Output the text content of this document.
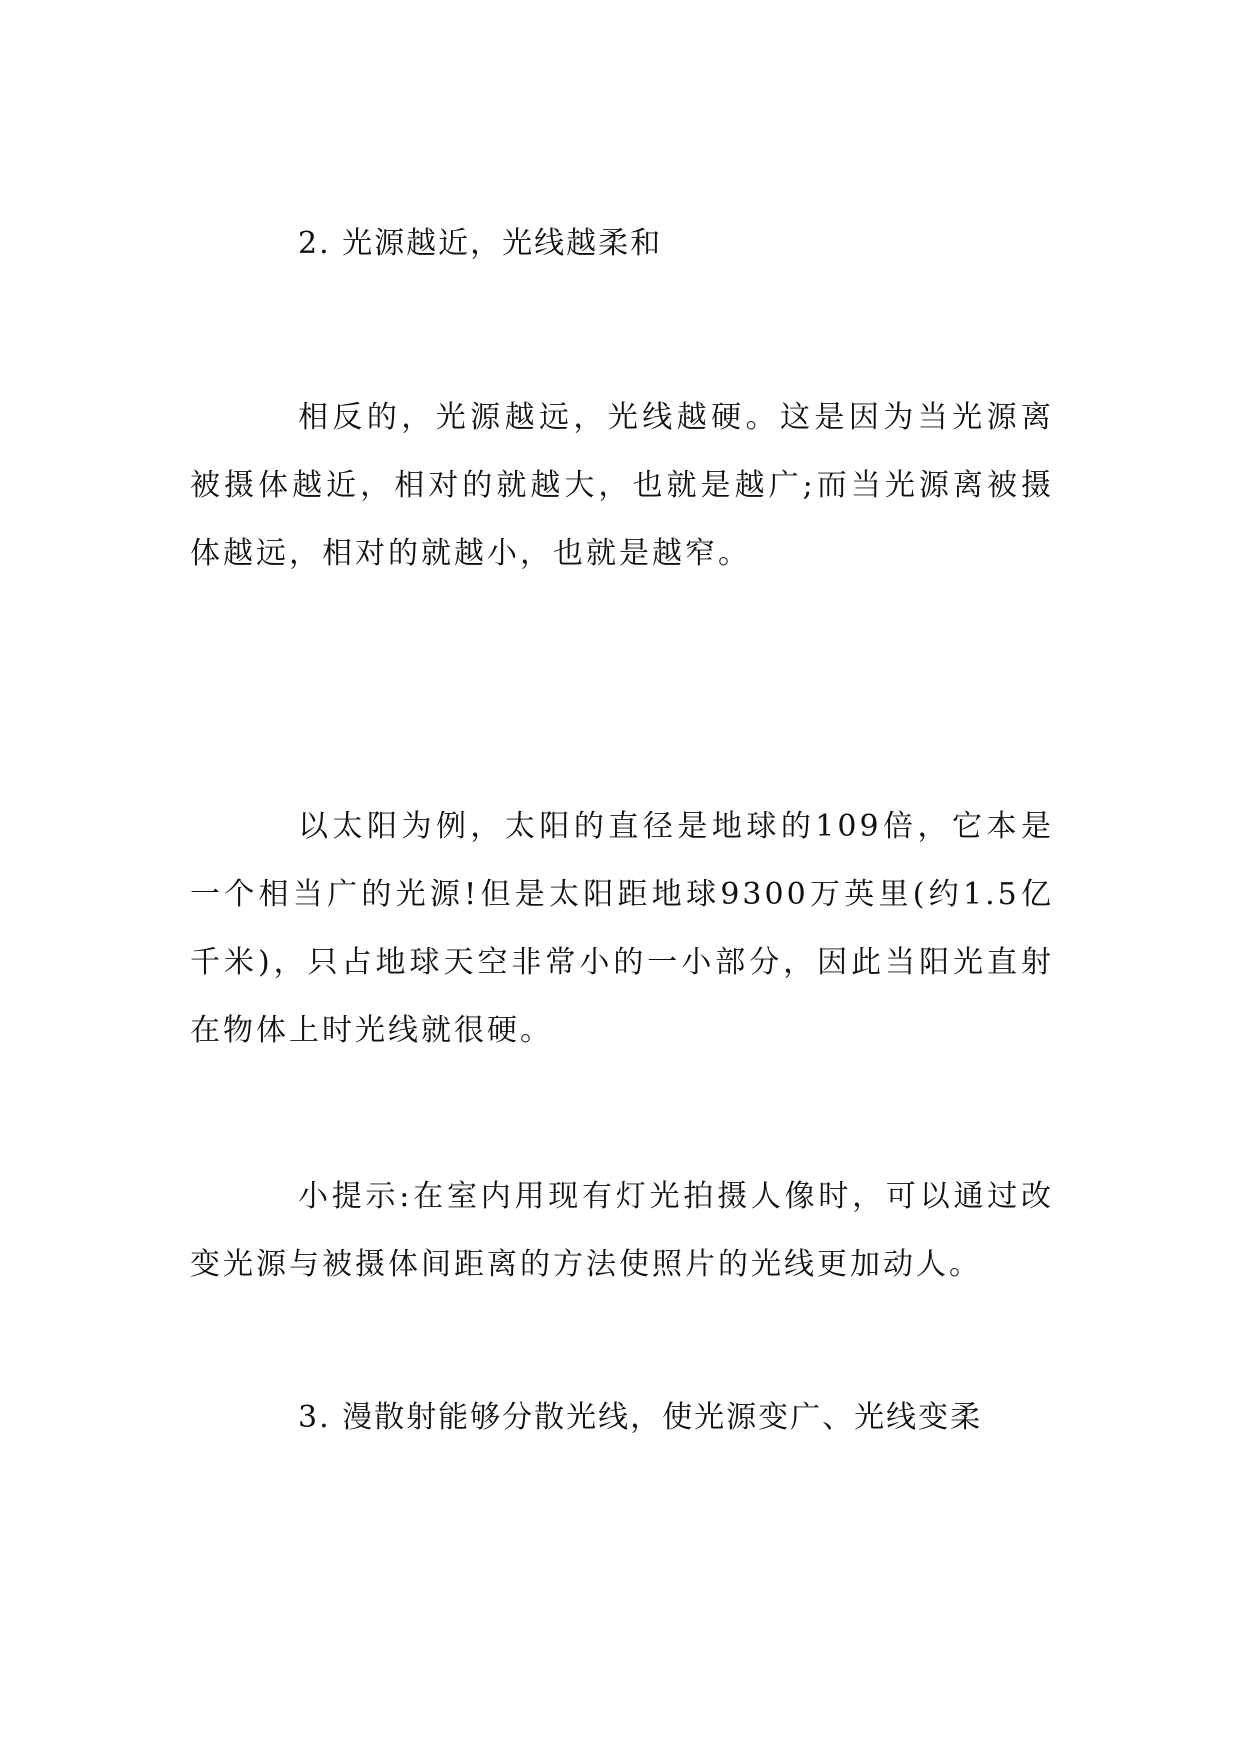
2. 光源越近，光线越柔和

相反的，光源越远，光线越硬。这是因为当光源离被摄体越近，相对的就越大，也就是越广;而当光源离被摄体越远，相对的就越小，也就是越窄。

以太阳为例，太阳的直径是地球的109倍，它本是一个相当广的光源!但是太阳距地球9300万英里(约1.5亿千米)，只占地球天空非常小的一小部分，因此当阳光直射在物体上时光线就很硬。

小提示:在室内用现有灯光拍摄人像时，可以通过改变光源与被摄体间距离的方法使照片的光线更加动人。

3. 漫散射能够分散光线，使光源变广、光线变柔
